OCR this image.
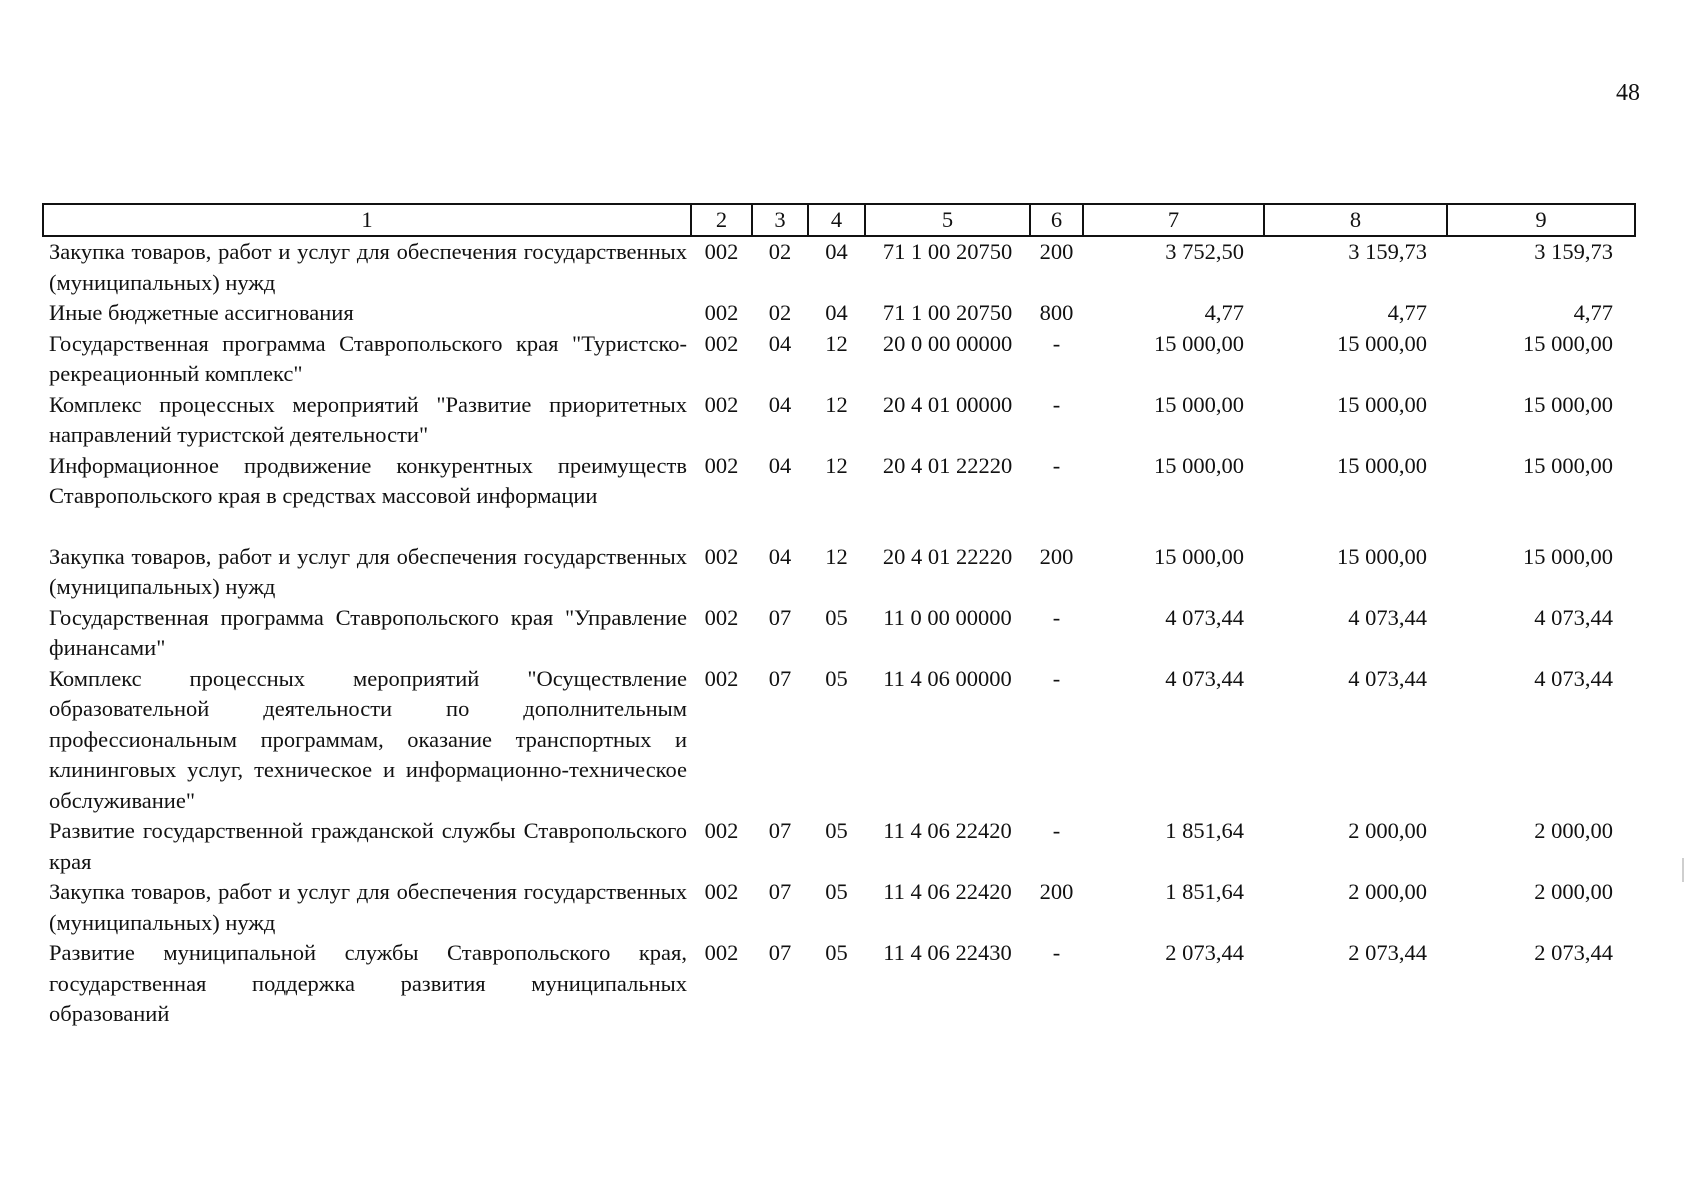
48
1	2	3	4	5	6	7	8	9
Закупка товаров, работ и услуг для обеспечения государственных (муниципальных) нужд	002	02	04	71 1 00 20750	200	3 752,50	3 159,73	3 159,73
Иные бюджетные ассигнования	002	02	04	71 1 00 20750	800	4,77	4,77	4,77
Государственная программа Ставропольского края "Туристско-рекреационный комплекс"	002	04	12	20 0 00 00000	-	15 000,00	15 000,00	15 000,00
Комплекс процессных мероприятий "Развитие приоритетных направлений туристской деятельности"	002	04	12	20 4 01 00000	-	15 000,00	15 000,00	15 000,00
Информационное продвижение конкурентных преимуществ Ставропольского края в средствах массовой информации	002	04	12	20 4 01 22220	-	15 000,00	15 000,00	15 000,00

Закупка товаров, работ и услуг для обеспечения государственных (муниципальных) нужд	002	04	12	20 4 01 22220	200	15 000,00	15 000,00	15 000,00
Государственная программа Ставропольского края "Управление финансами"	002	07	05	11 0 00 00000	-	4 073,44	4 073,44	4 073,44
Комплекс процессных мероприятий "Осуществление образовательной деятельности по дополнительным профессиональным программам, оказание транспортных и клининговых услуг, техническое и информационно-техническое обслуживание"	002	07	05	11 4 06 00000	-	4 073,44	4 073,44	4 073,44
Развитие государственной гражданской службы Ставропольского края	002	07	05	11 4 06 22420	-	1 851,64	2 000,00	2 000,00
Закупка товаров, работ и услуг для обеспечения государственных (муниципальных) нужд	002	07	05	11 4 06 22420	200	1 851,64	2 000,00	2 000,00
Развитие муниципальной службы Ставропольского края, государственная поддержка развития муниципальных образований	002	07	05	11 4 06 22430	-	2 073,44	2 073,44	2 073,44
